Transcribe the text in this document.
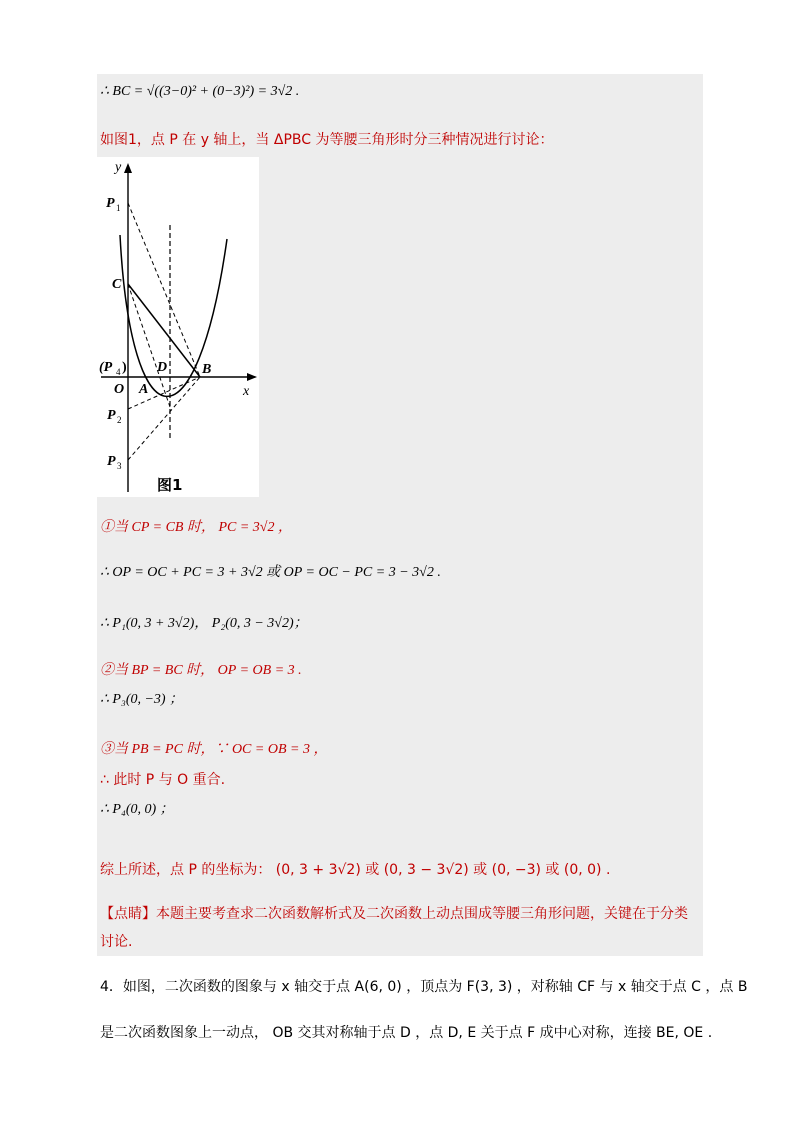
∴ BC = √((3−0)² + (0−3)²) = 3√2 .
如图1，点 P 在 y 轴上，当 ΔPBC 为等腰三角形时分三种情况进行讨论：
y
x
O A
B
C
D
P 1
P 2
P 3
(P 4 )
图1
①当 CP = CB 时， PC = 3√2 ，
∴ OP = OC + PC = 3 + 3√2 或 OP = OC − PC = 3 − 3√2 .
∴ P₁(0, 3 + 3√2)， P₂(0, 3 − 3√2)；
②当 BP = BC 时， OP = OB = 3 .
∴ P₃(0, −3) ；
③当 PB = PC 时，∵ OC = OB = 3 ，
∴ 此时 P 与 O 重合.
∴ P₄(0, 0) ；
综上所述，点 P 的坐标为： (0, 3 + 3√2) 或 (0, 3 − 3√2) 或 (0, −3) 或 (0, 0) .
【点睛】本题主要考查求二次函数解析式及二次函数上动点围成等腰三角形问题，关键在于分类
讨论.
4．如图，二次函数的图象与 x 轴交于点 A(6, 0) ，顶点为 F(3, 3) ，对称轴 CF 与 x 轴交于点 C ，点 B
是二次函数图象上一动点， OB 交其对称轴于点 D ，点 D, E 关于点 F 成中心对称，连接 BE, OE .
